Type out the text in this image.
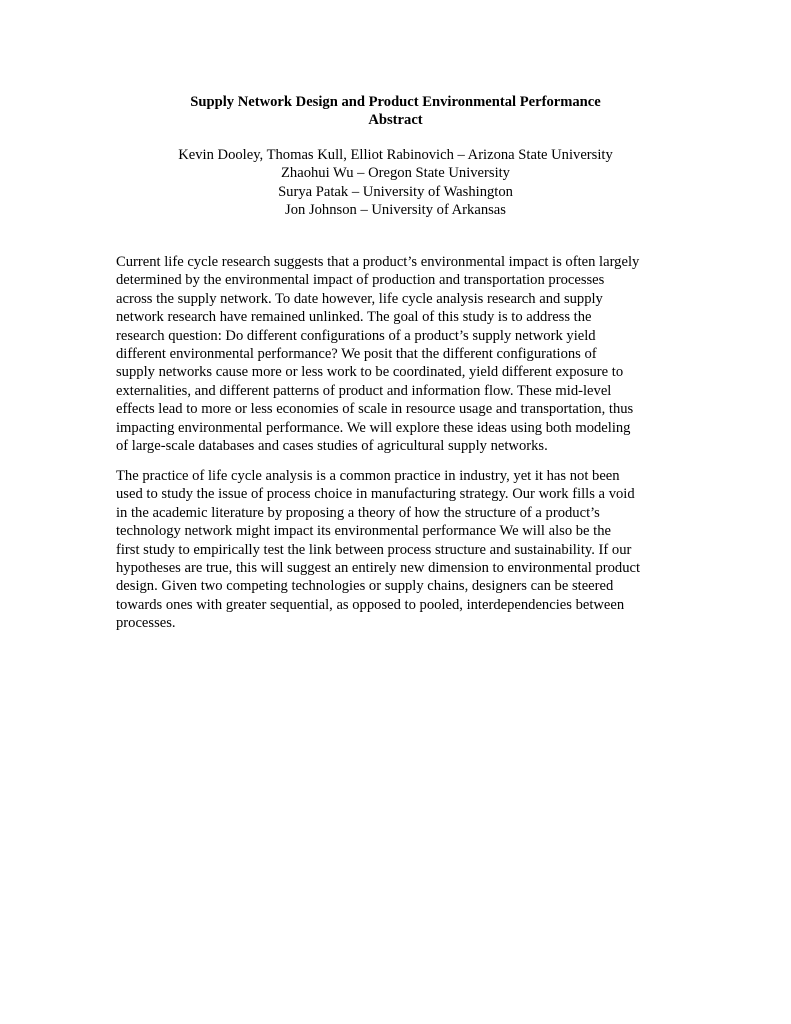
Supply Network Design and Product Environmental Performance
Abstract
Kevin Dooley, Thomas Kull, Elliot Rabinovich – Arizona State University
Zhaohui Wu – Oregon State University
Surya Patak – University of Washington
Jon Johnson – University of Arkansas
Current life cycle research suggests that a product’s environmental impact is often largely
determined by the environmental impact of production and transportation processes
across the supply network. To date however, life cycle analysis research and supply
network research have remained unlinked. The goal of this study is to address the
research question: Do different configurations of a product’s supply network yield
different environmental performance? We posit that the different configurations of
supply networks cause more or less work to be coordinated, yield different exposure to
externalities, and different patterns of product and information flow. These mid-level
effects lead to more or less economies of scale in resource usage and transportation, thus
impacting environmental performance. We will explore these ideas using both modeling
of large-scale databases and cases studies of agricultural supply networks.
The practice of life cycle analysis is a common practice in industry, yet it has not been
used to study the issue of process choice in manufacturing strategy. Our work fills a void
in the academic literature by proposing a theory of how the structure of a product’s
technology network might impact its environmental performance We will also be the
first study to empirically test the link between process structure and sustainability. If our
hypotheses are true, this will suggest an entirely new dimension to environmental product
design. Given two competing technologies or supply chains, designers can be steered
towards ones with greater sequential, as opposed to pooled, interdependencies between
processes.
